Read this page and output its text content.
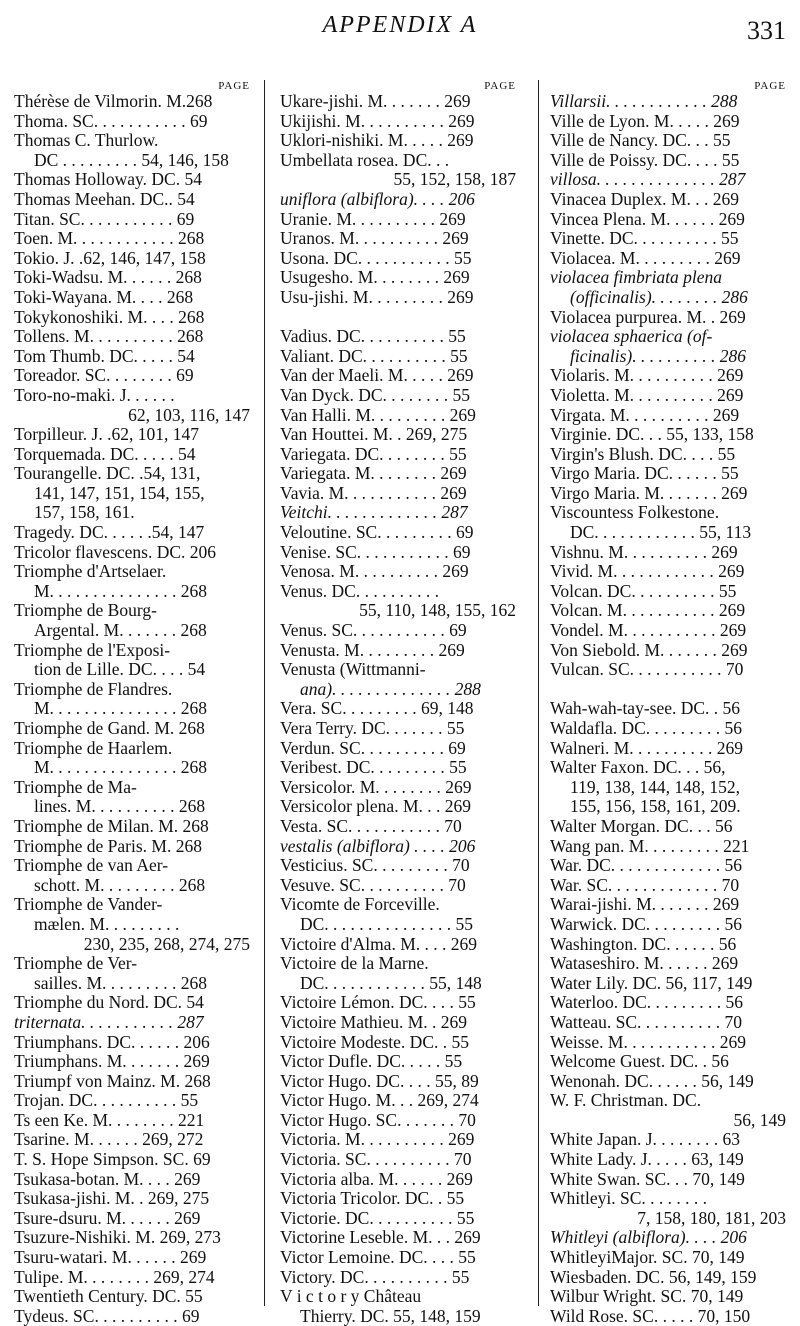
APPENDIX A	331
PAGE
Thérèse de Vilmorin. M.268
Thoma. SC. . . . . . . . . . . 69
Thomas C. Thurlow.
DC . . . . . . . . . 54, 146, 158
Thomas Holloway. DC. 54
Thomas Meehan. DC.. 54
Titan. SC. . . . . . . . . . . 69
Toen. M. . . . . . . . . . . . 268
Tokio. J. .62, 146, 147, 158
Toki-Wadsu. M. . . . . . 268
Toki-Wayana. M. . . . 268
Tokykonoshiki. M. . . . 268
Tollens. M. . . . . . . . . . 268
Tom Thumb. DC. . . . . 54
Toreador. SC. . . . . . . . 69
Toro-no-maki. J. . . . . .
62, 103, 116, 147
Torpilleur. J. .62, 101, 147
Torquemada. DC. . . . . 54
Tourangelle. DC. .54, 131,
141, 147, 151, 154, 155,
157, 158, 161.
Tragedy. DC. . . . . .54, 147
Tricolor flavescens. DC. 206
Triomphe d'Artselaer.
M. . . . . . . . . . . . . . . 268
Triomphe de Bourg-
Argental. M. . . . . . . 268
Triomphe de l'Exposi-
tion de Lille. DC. . . . 54
Triomphe de Flandres.
M. . . . . . . . . . . . . . . 268
Triomphe de Gand. M. 268
Triomphe de Haarlem.
M. . . . . . . . . . . . . . . 268
Triomphe de Ma-
lines. M. . . . . . . . . . 268
Triomphe de Milan. M. 268
Triomphe de Paris. M. 268
Triomphe de van Aer-
schott. M. . . . . . . . . 268
Triomphe de Vander-
mælen. M. . . . . . . . .
230, 235, 268, 274, 275
Triomphe de Ver-
sailles. M. . . . . . . . . 268
Triomphe du Nord. DC. 54
triternata. . . . . . . . . . . 287
Triumphans. DC. . . . . . 206
Triumphans. M. . . . . . . 269
Triumpf von Mainz. M. 268
Trojan. DC. . . . . . . . . . 55
Ts een Ke. M. . . . . . . . 221
Tsarine. M. . . . . . 269, 272
T. S. Hope Simpson. SC. 69
Tsukasa-botan. M. . . . 269
Tsukasa-jishi. M. . 269, 275
Tsure-dsuru. M. . . . . . 269
Tsuzure-Nishiki. M. 269, 273
Tsuru-watari. M. . . . . . 269
Tulipe. M. . . . . . . . 269, 274
Twentieth Century. DC. 55
Tydeus. SC. . . . . . . . . . 69
PAGE
Ukare-jishi. M. . . . . . . 269
Ukijishi. M. . . . . . . . . . 269
Uklori-nishiki. M. . . . . 269
Umbellata rosea. DC. . .
55, 152, 158, 187
uniflora (albiflora). . . . 206
Uranie. M. . . . . . . . . . 269
Uranos. M. . . . . . . . . . 269
Usona. DC. . . . . . . . . . . 55
Usugesho. M. . . . . . . . 269
Usu-jishi. M. . . . . . . . . 269
Vadius. DC. . . . . . . . . . 55
Valiant. DC. . . . . . . . . . 55
Van der Maeli. M. . . . . 269
Van Dyck. DC. . . . . . . . 55
Van Halli. M. . . . . . . . . 269
Van Houttei. M. . 269, 275
Variegata. DC. . . . . . . . 55
Variegata. M. . . . . . . . 269
Vavia. M. . . . . . . . . . . 269
Veitchi. . . . . . . . . . . . . 287
Veloutine. SC. . . . . . . . . 69
Venise. SC. . . . . . . . . . . 69
Venosa. M. . . . . . . . . . 269
Venus. DC. . . . . . . . . .
55, 110, 148, 155, 162
Venus. SC. . . . . . . . . . . 69
Venusta. M. . . . . . . . . 269
Venusta (Wittmanni-
ana). . . . . . . . . . . . . . 288
Vera. SC. . . . . . . . . 69, 148
Vera Terry. DC. . . . . . . 55
Verdun. SC. . . . . . . . . . 69
Veribest. DC. . . . . . . . . 55
Versicolor. M. . . . . . . . 269
Versicolor plena. M. . . 269
Vesta. SC. . . . . . . . . . . 70
vestalis (albiflora) . . . . 206
Vesticius. SC. . . . . . . . . 70
Vesuve. SC. . . . . . . . . . 70
Vicomte de Forceville.
DC. . . . . . . . . . . . . . . 55
Victoire d'Alma. M. . . . 269
Victoire de la Marne.
DC. . . . . . . . . . . . 55, 148
Victoire Lémon. DC. . . . 55
Victoire Mathieu. M. . 269
Victoire Modeste. DC. . 55
Victor Dufle. DC. . . . . 55
Victor Hugo. DC. . . . 55, 89
Victor Hugo. M. . . 269, 274
Victor Hugo. SC. . . . . . . 70
Victoria. M. . . . . . . . . . 269
Victoria. SC. . . . . . . . . . 70
Victoria alba. M. . . . . . 269
Victoria Tricolor. DC. . 55
Victorie. DC. . . . . . . . . . 55
Victorine Leseble. M. . . 269
Victor Lemoine. DC. . . . 55
Victory. DC. . . . . . . . . . 55
V i c t o r y Château
Thierry. DC. 55, 148, 159
PAGE
Villarsii. . . . . . . . . . . . 288
Ville de Lyon. M. . . . . 269
Ville de Nancy. DC. . . 55
Ville de Poissy. DC. . . . 55
villosa. . . . . . . . . . . . . . 287
Vinacea Duplex. M. . . 269
Vincea Plena. M. . . . . . 269
Vinette. DC. . . . . . . . . . 55
Violacea. M. . . . . . . . . 269
violacea fimbriata plena
(officinalis). . . . . . . . 286
Violacea purpurea. M. . 269
violacea sphaerica (of-
ficinalis). . . . . . . . . . 286
Violaris. M. . . . . . . . . . 269
Violetta. M. . . . . . . . . . 269
Virgata. M. . . . . . . . . . 269
Virginie. DC. . . 55, 133, 158
Virgin's Blush. DC. . . . 55
Virgo Maria. DC. . . . . . 55
Virgo Maria. M. . . . . . . 269
Viscountess Folkestone.
DC. . . . . . . . . . . . 55, 113
Vishnu. M. . . . . . . . . . 269
Vivid. M. . . . . . . . . . . . 269
Volcan. DC. . . . . . . . . . 55
Volcan. M. . . . . . . . . . . 269
Vondel. M. . . . . . . . . . . 269
Von Siebold. M. . . . . . . 269
Vulcan. SC. . . . . . . . . . . 70
Wah-wah-tay-see. DC. . 56
Waldafla. DC. . . . . . . . . 56
Walneri. M. . . . . . . . . . 269
Walter Faxon. DC. . . 56,
119, 138, 144, 148, 152,
155, 156, 158, 161, 209.
Walter Morgan. DC. . . 56
Wang pan. M. . . . . . . . . 221
War. DC. . . . . . . . . . . . . 56
War. SC. . . . . . . . . . . . . 70
Warai-jishi. M. . . . . . . 269
Warwick. DC. . . . . . . . . 56
Washington. DC. . . . . . 56
Wataseshiro. M. . . . . . 269
Water Lily. DC. 56, 117, 149
Waterloo. DC. . . . . . . . . 56
Watteau. SC. . . . . . . . . . 70
Weisse. M. . . . . . . . . . . 269
Welcome Guest. DC. . 56
Wenonah. DC. . . . . . 56, 149
W. F. Christman. DC.
56, 149
White Japan. J. . . . . . . . 63
White Lady. J. . . . . 63, 149
White Swan. SC. . . 70, 149
Whitleyi. SC. . . . . . . .
7, 158, 180, 181, 203
Whitleyi (albiflora). . . . 206
WhitleyiMajor. SC. 70, 149
Wiesbaden. DC. 56, 149, 159
Wilbur Wright. SC. 70, 149
Wild Rose. SC. . . . . 70, 150
